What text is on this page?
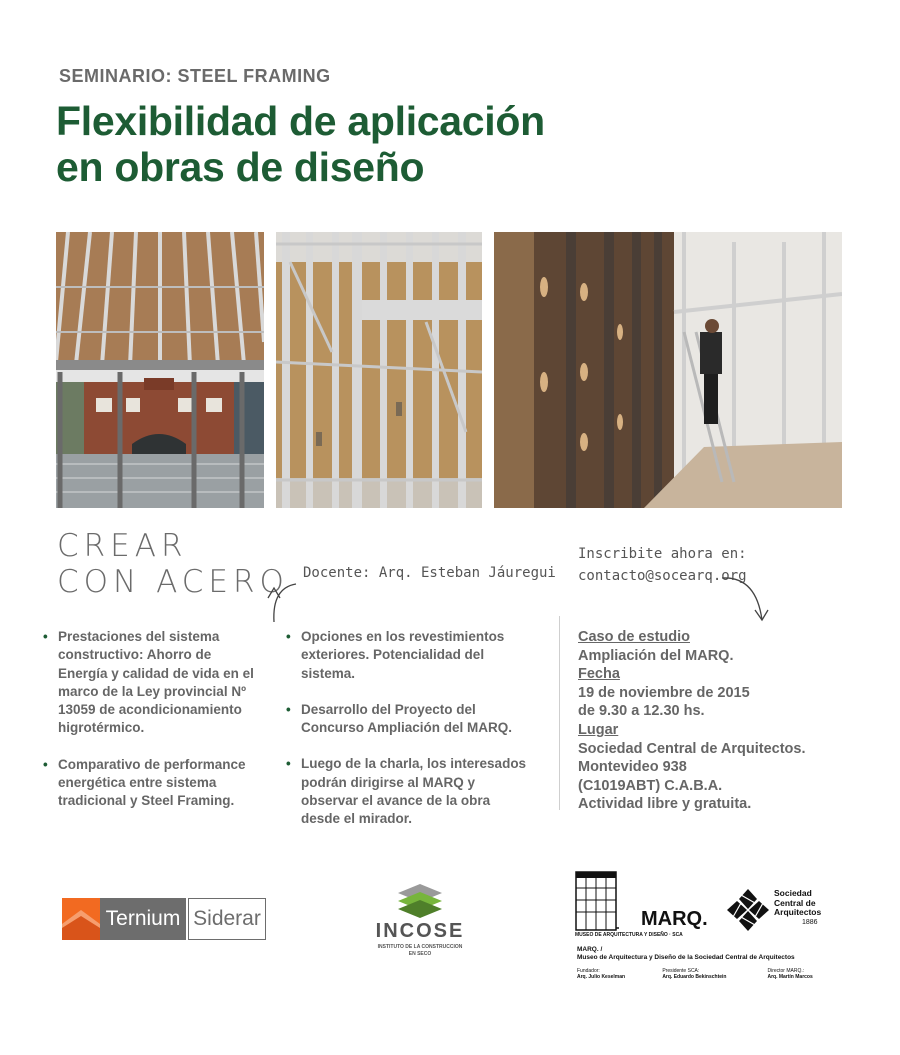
SEMINARIO: STEEL FRAMING
Flexibilidad de aplicación
en obras de diseño
CREAR
CON ACERO Docente: Arq. Esteban Jáuregui
Inscribite ahora en:
contacto@socearq.org
• Prestaciones del sistema constructivo: Ahorro de Energía y calidad de vida en el marco de la Ley provincial Nº 13059 de acondicionamiento higrotérmico.
• Comparativo de performance energética entre sistema tradicional y Steel Framing.
• Opciones en los revestimientos exteriores. Potencialidad del sistema.
• Desarrollo del Proyecto del Concurso Ampliación del MARQ.
• Luego de la charla, los interesados podrán dirigirse al MARQ y observar el avance de la obra desde el mirador.
Caso de estudio
Ampliación del MARQ.
Fecha
19 de noviembre de 2015
de 9.30 a 12.30 hs.
Lugar
Sociedad Central de Arquitectos.
Montevideo 938
(C1019ABT) C.A.B.A.
Actividad libre y gratuita.
Ternium Siderar
INCOSE
INSTITUTO DE LA CONSTRUCCION
EN SECO
MARQ.
MUSEO DE ARQUITECTURA Y DISEÑO · SCA
Sociedad
Central de
Arquitectos
1886
MARQ. /
Museo de Arquitectura y Diseño de la Sociedad Central de Arquitectos
Fundador:
Arq. Julio Keselman
Presidente SCA:
Arq. Eduardo Bekinschtein
Director MARQ.:
Arq. Martín Marcos
